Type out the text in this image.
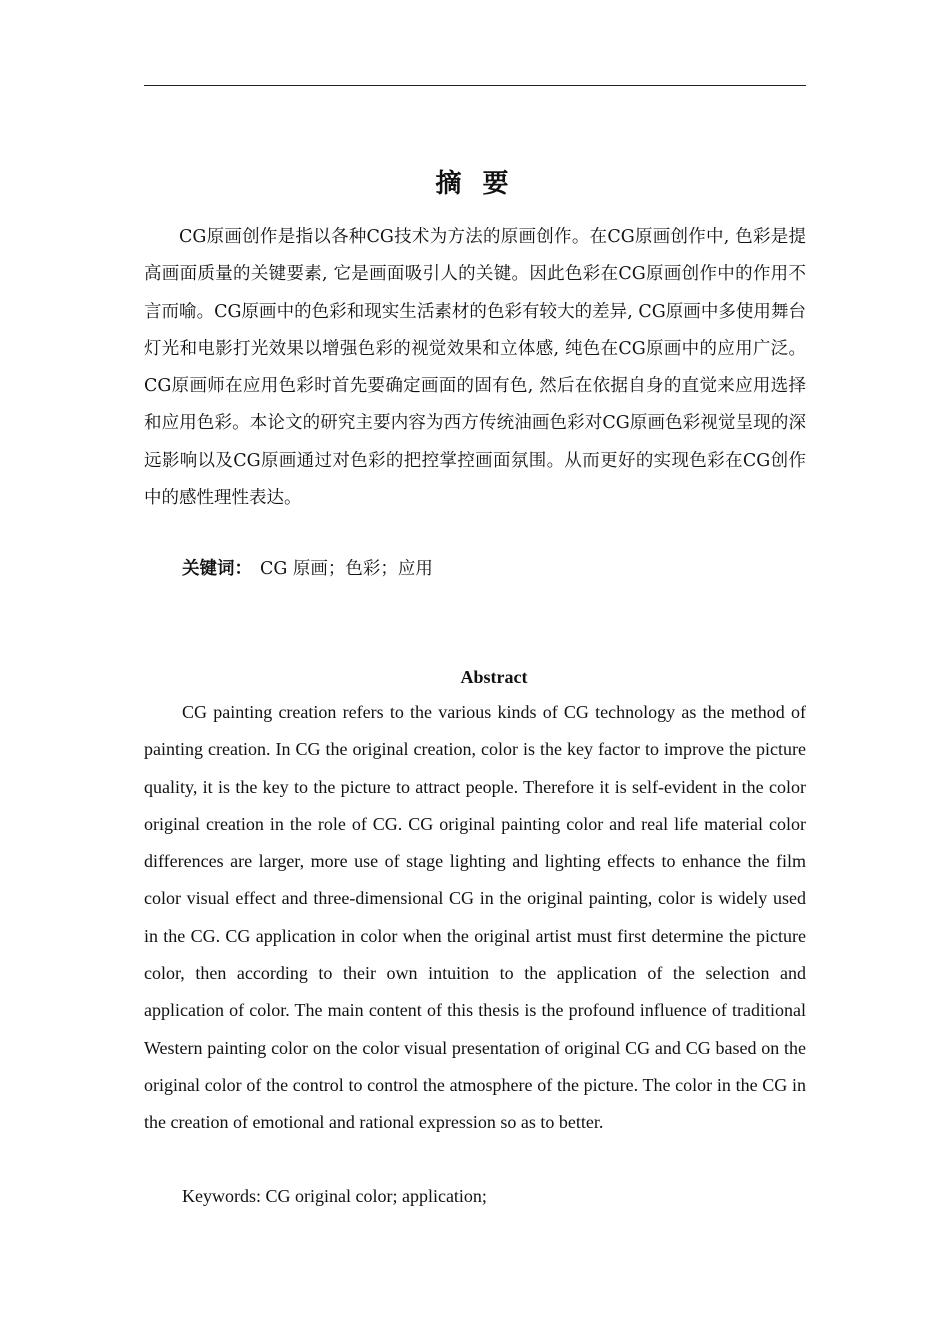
摘 要

CG原画创作是指以各种CG技术为方法的原画创作。在CG原画创作中, 色彩是提高画面质量的关键要素, 它是画面吸引人的关键。因此色彩在CG原画创作中的作用不言而喻。CG原画中的色彩和现实生活素材的色彩有较大的差异, CG原画中多使用舞台灯光和电影打光效果以增强色彩的视觉效果和立体感, 纯色在CG原画中的应用广泛。CG原画师在应用色彩时首先要确定画面的固有色, 然后在依据自身的直觉来应用选择和应用色彩。本论文的研究主要内容为西方传统油画色彩对CG原画色彩视觉呈现的深远影响以及CG原画通过对色彩的把控掌控画面氛围。从而更好的实现色彩在CG创作中的感性理性表达。

关键词： CG 原画；色彩；应用

Abstract

CG painting creation refers to the various kinds of CG technology as the method of painting creation. In CG the original creation, color is the key factor to improve the picture quality, it is the key to the picture to attract people. Therefore it is self-evident in the color original creation in the role of CG. CG original painting color and real life material color differences are larger, more use of stage lighting and lighting effects to enhance the film color visual effect and three-dimensional CG in the original painting, color is widely used in the CG. CG application in color when the original artist must first determine the picture color, then according to their own intuition to the application of the selection and application of color. The main content of this thesis is the profound influence of traditional Western painting color on the color visual presentation of original CG and CG based on the original color of the control to control the atmosphere of the picture. The color in the CG in the creation of emotional and rational expression so as to better.

Keywords: CG original color; application;
